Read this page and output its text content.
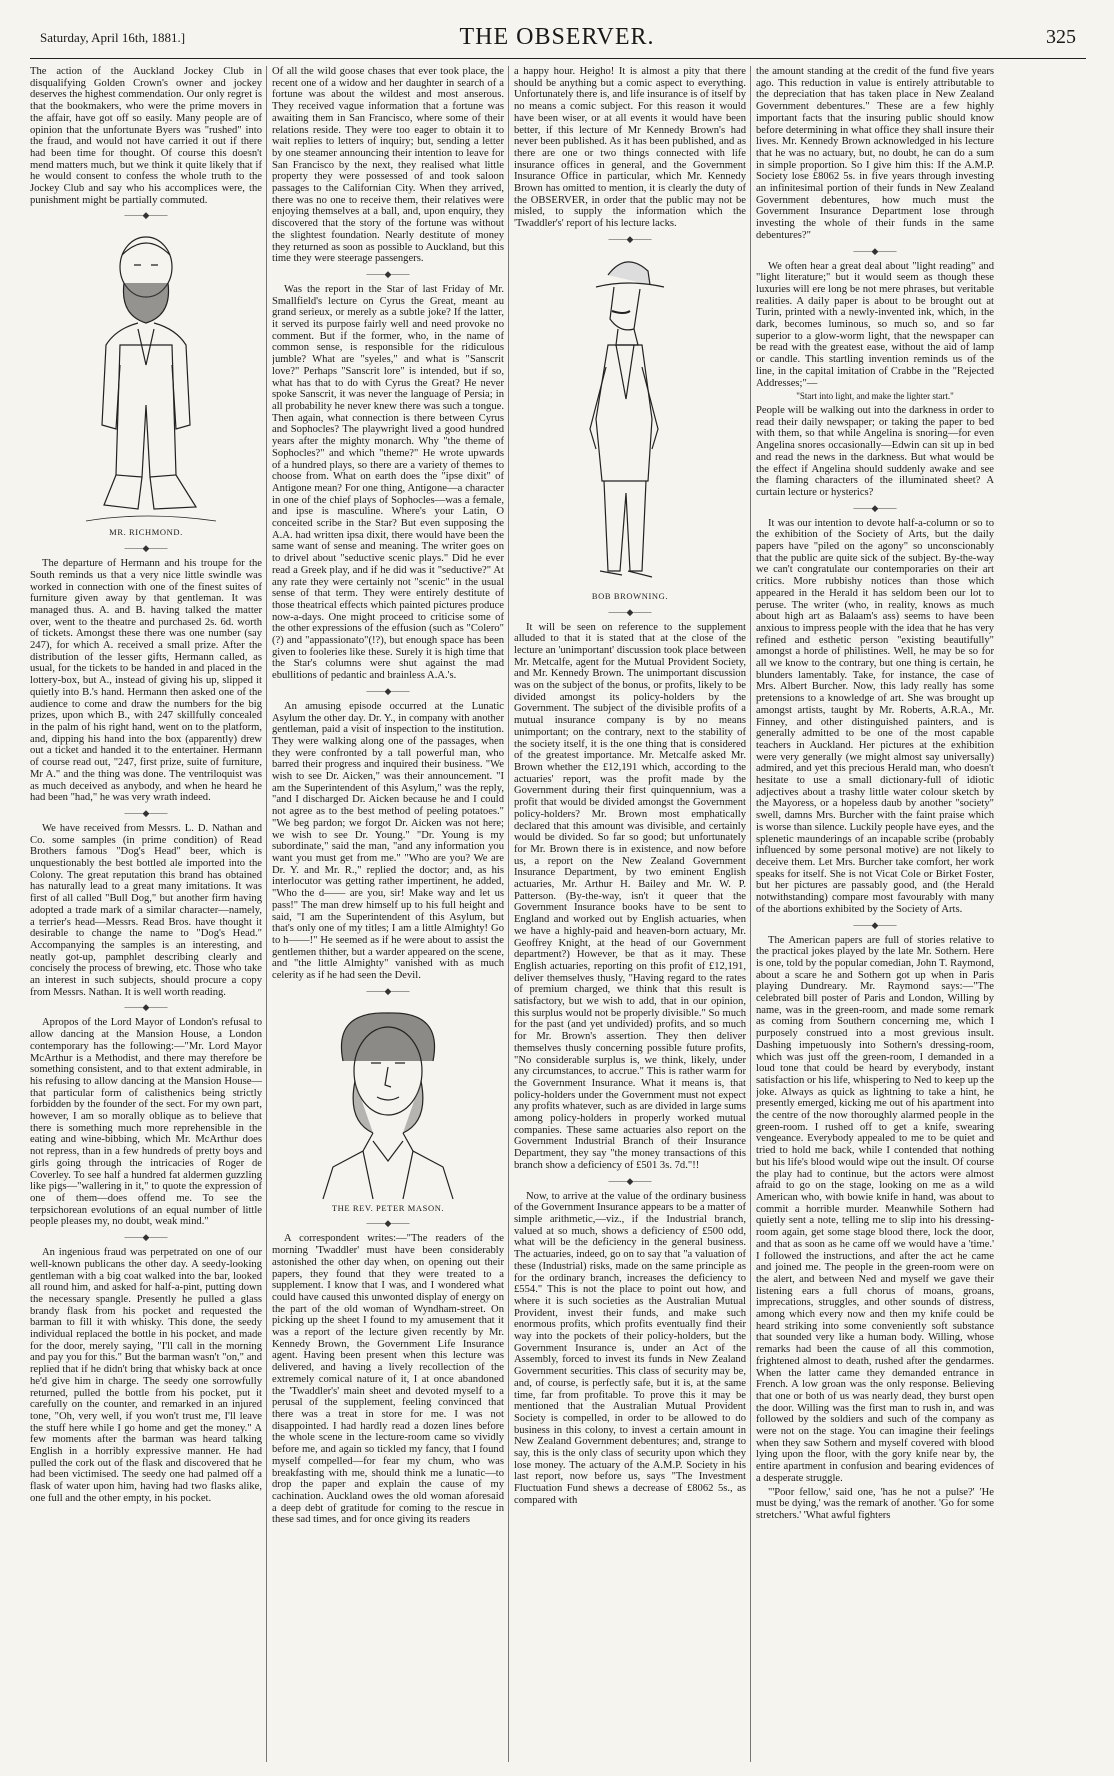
Saturday, April 16th, 1881.]	THE OBSERVER.	325

The action of the Auckland Jockey Club in disqualifying Golden Crown's owner and jockey deserves the highest commendation. Our only regret is that the bookmakers, who were the prime movers in the affair, have got off so easily. Many people are of opinion that the unfortunate Byers was "rushed" into the fraud, and would not have carried it out if there had been time for thought. Of course this doesn't mend matters much, but we think it quite likely that if he would consent to confess the whole truth to the Jockey Club and say who his accomplices were, the punishment might be partially commuted.

——◆——
MR. RICHMOND.
——◆——

The departure of Hermann and his troupe for the South reminds us that a very nice little swindle was worked in connection with one of the finest suites of furniture given away by that gentleman. It was managed thus. A. and B. having talked the matter over, went to the theatre and purchased 2s. 6d. worth of tickets. Amongst these there was one number (say 247), for which A. received a small prize. After the distribution of the lesser gifts, Hermann called, as usual, for the tickets to be handed in and placed in the lottery-box, but A., instead of giving his up, slipped it quietly into B.'s hand. Hermann then asked one of the audience to come and draw the numbers for the big prizes, upon which B., with 247 skillfully concealed in the palm of his right hand, went on to the platform, and, dipping his hand into the box (apparently) drew out a ticket and handed it to the entertainer. Hermann of course read out, "247, first prize, suite of furniture, Mr A." and the thing was done. The ventriloquist was as much deceived as anybody, and when he heard he had been "had," he was very wrath indeed.

——◆——

We have received from Messrs. L. D. Nathan and Co. some samples (in prime condition) of Read Brothers famous "Dog's Head" beer, which is unquestionably the best bottled ale imported into the Colony. The great reputation this brand has obtained has naturally lead to a great many imitations. It was first of all called "Bull Dog," but another firm having adopted a trade mark of a similar character—namely, a terrier's head—Messrs. Read Bros. have thought it desirable to change the name to "Dog's Head." Accompanying the samples is an interesting, and neatly got-up, pamphlet describing clearly and concisely the process of brewing, etc. Those who take an interest in such subjects, should procure a copy from Messrs. Nathan. It is well worth reading.

——◆——

Apropos of the Lord Mayor of London's refusal to allow dancing at the Mansion House, a London contemporary has the following:—"Mr. Lord Mayor McArthur is a Methodist, and there may therefore be something consistent, and to that extent admirable, in his refusing to allow dancing at the Mansion House—that particular form of calisthenics being strictly forbidden by the founder of the sect. For my own part, however, I am so morally oblique as to believe that there is something much more reprehensible in the eating and wine-bibbing, which Mr. McArthur does not repress, than in a few hundreds of pretty boys and girls going through the intricacies of Roger de Coverley. To see half a hundred fat aldermen guzzling like pigs—"wallering in it," to quote the expression of one of them—does offend me. To see the terpsichorean evolutions of an equal number of little people pleases my, no doubt, weak mind."

——◆——

An ingenious fraud was perpetrated on one of our well-known publicans the other day. A seedy-looking gentleman with a big coat walked into the bar, looked all round him, and asked for half-a-pint, putting down the necessary spangle. Presently he pulled a glass brandy flask from his pocket and requested the barman to fill it with whisky. This done, the seedy individual replaced the bottle in his pocket, and made for the door, merely saying, "I'll call in the morning and pay you for this." But the barman wasn't "on," and replied that if he didn't bring that whisky back at once he'd give him in charge. The seedy one sorrowfully returned, pulled the bottle from his pocket, put it carefully on the counter, and remarked in an injured tone, "Oh, very well, if you won't trust me, I'll leave the stuff here while I go home and get the money." A few moments after the barman was heard talking English in a horribly expressive manner. He had pulled the cork out of the flask and discovered that he had been victimised. The seedy one had palmed off a flask of water upon him, having had two flasks alike, one full and the other empty, in his pocket.

Of all the wild goose chases that ever took place, the recent one of a widow and her daughter in search of a fortune was about the wildest and most anserous. They received vague information that a fortune was awaiting them in San Francisco, where some of their relations reside. They were too eager to obtain it to wait replies to letters of inquiry; but, sending a letter by one steamer announcing their intention to leave for San Francisco by the next, they realised what little property they were possessed of and took saloon passages to the Californian City. When they arrived, there was no one to receive them, their relatives were enjoying themselves at a ball, and, upon enquiry, they discovered that the story of the fortune was without the slightest foundation. Nearly destitute of money they returned as soon as possible to Auckland, but this time they were steerage passengers.

——◆——

Was the report in the Star of last Friday of Mr. Smallfield's lecture on Cyrus the Great, meant au grand serieux, or merely as a subtle joke? If the latter, it served its purpose fairly well and need provoke no comment. But if the former, who, in the name of common sense, is responsible for the ridiculous jumble? What are "syeles," and what is "Sanscrit love?" Perhaps "Sanscrit lore" is intended, but if so, what has that to do with Cyrus the Great? He never spoke Sanscrit, it was never the language of Persia; in all probability he never knew there was such a tongue. Then again, what connection is there between Cyrus and Sophocles? The playwright lived a good hundred years after the mighty monarch. Why "the theme of Sophocles?" and which "theme?" He wrote upwards of a hundred plays, so there are a variety of themes to choose from. What on earth does the "ipse dixit" of Antigone mean? For one thing, Antigone—a character in one of the chief plays of Sophocles—was a female, and ipse is masculine. Where's your Latin, O conceited scribe in the Star? But even supposing the A.A. had written ipsa dixit, there would have been the same want of sense and meaning. The writer goes on to drivel about "seductive scenic plays." Did he ever read a Greek play, and if he did was it "seductive?" At any rate they were certainly not "scenic" in the usual sense of that term. They were entirely destitute of those theatrical effects which painted pictures produce now-a-days. One might proceed to criticise some of the other expressions of the effusion (such as "Colero"(?) and "appassionato"(!?), but enough space has been given to fooleries like these. Surely it is high time that the Star's columns were shut against the mad ebullitions of pedantic and brainless A.A.'s.

——◆——

An amusing episode occurred at the Lunatic Asylum the other day. Dr. Y., in company with another gentleman, paid a visit of inspection to the institution. They were walking along one of the passages, when they were confronted by a tall powerful man, who barred their progress and inquired their business. "We wish to see Dr. Aicken," was their announcement. "I am the Superintendent of this Asylum," was the reply, "and I discharged Dr. Aicken because he and I could not agree as to the best method of peeling potatoes." "We beg pardon; we forgot Dr. Aicken was not here; we wish to see Dr. Young." "Dr. Young is my subordinate," said the man, "and any information you want you must get from me." "Who are you? We are Dr. Y. and Mr. R.," replied the doctor; and, as his interlocutor was getting rather impertinent, he added, "Who the d—— are you, sir! Make way and let us pass!" The man drew himself up to his full height and said, "I am the Superintendent of this Asylum, but that's only one of my titles; I am a little Almighty! Go to h——!" He seemed as if he were about to assist the gentlemen thither, but a warder appeared on the scene, and "the little Almighty" vanished with as much celerity as if he had seen the Devil.

——◆——
THE REV. PETER MASON.
——◆——

A correspondent writes:—"The readers of the morning 'Twaddler' must have been considerably astonished the other day when, on opening out their papers, they found that they were treated to a supplement. I know that I was, and I wondered what could have caused this unwonted display of energy on the part of the old woman of Wyndham-street. On picking up the sheet I found to my amusement that it was a report of the lecture given recently by Mr. Kennedy Brown, the Government Life Insurance agent. Having been present when this lecture was delivered, and having a lively recollection of the extremely comical nature of it, I at once abandoned the 'Twaddler's' main sheet and devoted myself to a perusal of the supplement, feeling convinced that there was a treat in store for me. I was not disappointed. I had hardly read a dozen lines before the whole scene in the lecture-room came so vividly before me, and again so tickled my fancy, that I found myself compelled—for fear my chum, who was breakfasting with me, should think me a lunatic—to drop the paper and explain the cause of my cachination. Auckland owes the old woman aforesaid a deep debt of gratitude for coming to the rescue in these sad times, and for once giving its readers

a happy hour. Heigho! It is almost a pity that there should be anything but a comic aspect to everything. Unfortunately there is, and life insurance is of itself by no means a comic subject. For this reason it would have been wiser, or at all events it would have been better, if this lecture of Mr Kennedy Brown's had never been published. As it has been published, and as there are one or two things connected with life insurance offices in general, and the Government Insurance Office in particular, which Mr. Kennedy Brown has omitted to mention, it is clearly the duty of the OBSERVER, in order that the public may not be misled, to supply the information which the 'Twaddler's' report of his lecture lacks.

——◆——
BOB BROWNING.
——◆——

It will be seen on reference to the supplement alluded to that it is stated that at the close of the lecture an 'unimportant' discussion took place between Mr. Metcalfe, agent for the Mutual Provident Society, and Mr. Kennedy Brown. The unimportant discussion was on the subject of the bonus, or profits, likely to be divided amongst its policy-holders by the Government. The subject of the divisible profits of a mutual insurance company is by no means unimportant; on the contrary, next to the stability of the society itself, it is the one thing that is considered of the greatest importance. Mr. Metcalfe asked Mr. Brown whether the £12,191 which, according to the actuaries' report, was the profit made by the Government during their first quinquennium, was a profit that would be divided amongst the Government policy-holders? Mr. Brown most emphatically declared that this amount was divisible, and certainly would be divided. So far so good; but unfortunately for Mr. Brown there is in existence, and now before us, a report on the New Zealand Government Insurance Department, by two eminent English actuaries, Mr. Arthur H. Bailey and Mr. W. P. Patterson. (By-the-way, isn't it queer that the Government Insurance books have to be sent to England and worked out by English actuaries, when we have a highly-paid and heaven-born actuary, Mr. Geoffrey Knight, at the head of our Government department?) However, be that as it may. These English actuaries, reporting on this profit of £12,191, deliver themselves thusly, "Having regard to the rates of premium charged, we think that this result is satisfactory, but we wish to add, that in our opinion, this surplus would not be properly divisible." So much for the past (and yet undivided) profits, and so much for Mr. Brown's assertion. They then deliver themselves thusly concerning possible future profits, "No considerable surplus is, we think, likely, under any circumstances, to accrue." This is rather warm for the Government Insurance. What it means is, that policy-holders under the Government must not expect any profits whatever, such as are divided in large sums among policy-holders in properly worked mutual companies. These same actuaries also report on the Government Industrial Branch of their Insurance Department, they say "the money transactions of this branch show a deficiency of £501 3s. 7d."!!

——◆——

Now, to arrive at the value of the ordinary business of the Government Insurance appears to be a matter of simple arithmetic,—viz., if the Industrial branch, valued at so much, shows a deficiency of £500 odd, what will be the deficiency in the general business. The actuaries, indeed, go on to say that "a valuation of these (Industrial) risks, made on the same principle as for the ordinary branch, increases the deficiency to £554." This is not the place to point out how, and where it is such societies as the Australian Mutual Provident, invest their funds, and make such enormous profits, which profits eventually find their way into the pockets of their policy-holders, but the Government Insurance is, under an Act of the Assembly, forced to invest its funds in New Zealand Government securities. This class of security may be, and, of course, is perfectly safe, but it is, at the same time, far from profitable. To prove this it may be mentioned that the Australian Mutual Provident Society is compelled, in order to be allowed to do business in this colony, to invest a certain amount in New Zealand Government debentures; and, strange to say, this is the only class of security upon which they lose money. The actuary of the A.M.P. Society in his last report, now before us, says "The Investment Fluctuation Fund shews a decrease of £8062 5s., as compared with

the amount standing at the credit of the fund five years ago. This reduction in value is entirely attributable to the depreciation that has taken place in New Zealand Government debentures." These are a few highly important facts that the insuring public should know before determining in what office they shall insure their lives. Mr. Kennedy Brown acknowledged in his lecture that he was no actuary, but, no doubt, he can do a sum in simple proportion. So I give him this: If the A.M.P. Society lose £8062 5s. in five years through investing an infinitesimal portion of their funds in New Zealand Government debentures, how much must the Government Insurance Department lose through investing the whole of their funds in the same debentures?"

——◆——

We often hear a great deal about "light reading" and "light literature;" but it would seem as though these luxuries will ere long be not mere phrases, but veritable realities. A daily paper is about to be brought out at Turin, printed with a newly-invented ink, which, in the dark, becomes luminous, so much so, and so far superior to a glow-worm light, that the newspaper can be read with the greatest ease, without the aid of lamp or candle. This startling invention reminds us of the line, in the capital imitation of Crabbe in the "Rejected Addresses;"—

"Start into light, and make the lighter start."

People will be walking out into the darkness in order to read their daily newspaper; or taking the paper to bed with them, so that while Angelina is snoring—for even Angelina snores occasionally—Edwin can sit up in bed and read the news in the darkness. But what would be the effect if Angelina should suddenly awake and see the flaming characters of the illuminated sheet? A curtain lecture or hysterics?

——◆——

It was our intention to devote half-a-column or so to the exhibition of the Society of Arts, but the daily papers have "piled on the agony" so unconscionably that the public are quite sick of the subject. By-the-way we can't congratulate our contemporaries on their art critics. More rubbishy notices than those which appeared in the Herald it has seldom been our lot to peruse. The writer (who, in reality, knows as much about high art as Balaam's ass) seems to have been anxious to impress people with the idea that he has very refined and esthetic person "existing beautifully" amongst a horde of philistines. Well, he may be so for all we know to the contrary, but one thing is certain, he blunders lamentably. Take, for instance, the case of Mrs. Albert Burcher. Now, this lady really has some pretensions to a knowledge of art. She was brought up amongst artists, taught by Mr. Roberts, A.R.A., Mr. Finney, and other distinguished painters, and is generally admitted to be one of the most capable teachers in Auckland. Her pictures at the exhibition were very generally (we might almost say universally) admired, and yet this precious Herald man, who doesn't hesitate to use a small dictionary-full of idiotic adjectives about a trashy little water colour sketch by the Mayoress, or a hopeless daub by another "society" swell, damns Mrs. Burcher with the faint praise which is worse than silence. Luckily people have eyes, and the splenetic maunderings of an incapable scribe (probably influenced by some personal motive) are not likely to deceive them. Let Mrs. Burcher take comfort, her work speaks for itself. She is not Vicat Cole or Birket Foster, but her pictures are passably good, and (the Herald notwithstanding) compare most favourably with many of the abortions exhibited by the Society of Arts.

——◆——

The American papers are full of stories relative to the practical jokes played by the late Mr. Sothern. Here is one, told by the popular comedian, John T. Raymond, about a scare he and Sothern got up when in Paris playing Dundreary. Mr. Raymond says:—"The celebrated bill poster of Paris and London, Willing by name, was in the green-room, and made some remark as coming from Southern concerning me, which I purposely construed into a most grevious insult. Dashing impetuously into Sothern's dressing-room, which was just off the green-room, I demanded in a loud tone that could be heard by everybody, instant satisfaction or his life, whispering to Ned to keep up the joke. Always as quick as lightning to take a hint, he presently emerged, kicking me out of his apartment into the centre of the now thoroughly alarmed people in the green-room. I rushed off to get a knife, swearing vengeance. Everybody appealed to me to be quiet and tried to hold me back, while I contended that nothing but his life's blood would wipe out the insult. Of course the play had to continue, but the actors were almost afraid to go on the stage, looking on me as a wild American who, with bowie knife in hand, was about to commit a horrible murder. Meanwhile Sothern had quietly sent a note, telling me to slip into his dressing-room again, get some stage blood there, lock the door, and that as soon as he came off we would have a 'time.' I followed the instructions, and after the act he came and joined me. The people in the green-room were on the alert, and between Ned and myself we gave their listening ears a full chorus of moans, groans, imprecations, struggles, and other sounds of distress, among which every now and then my knife could be heard striking into some conveniently soft substance that sounded very like a human body. Willing, whose remarks had been the cause of all this commotion, frightened almost to death, rushed after the gendarmes. When the latter came they demanded entrance in French. A low groan was the only response. Believing that one or both of us was nearly dead, they burst open the door. Willing was the first man to rush in, and was followed by the soldiers and such of the company as were not on the stage. You can imagine their feelings when they saw Sothern and myself covered with blood lying upon the floor, with the gory knife near by, the entire apartment in confusion and bearing evidences of a desperate struggle.

"'Poor fellow,' said one, 'has he not a pulse?' 'He must be dying,' was the remark of another. 'Go for some stretchers.' 'What awful fighters
